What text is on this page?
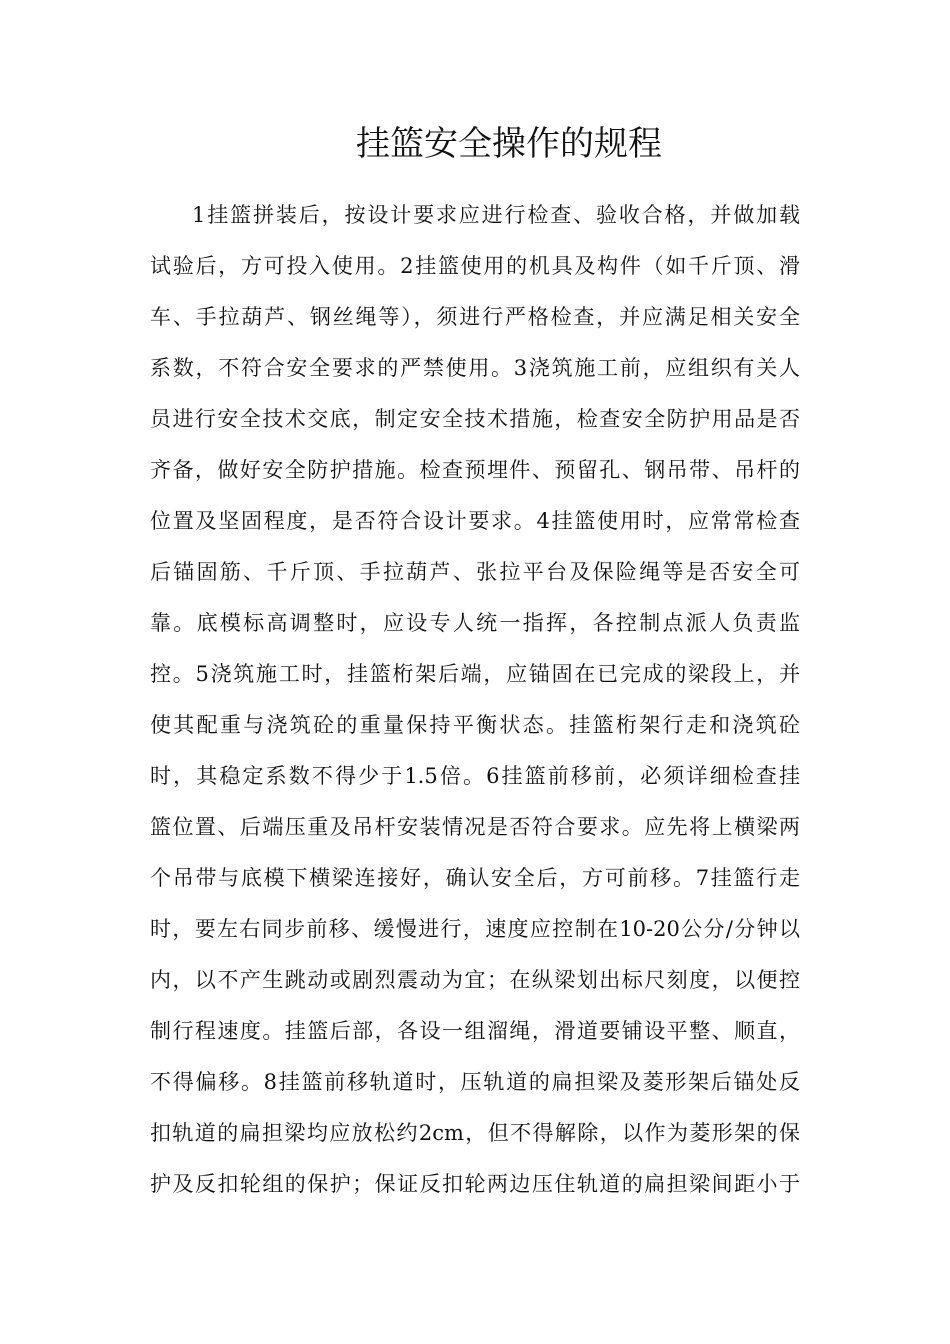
挂篮安全操作的规程
1挂篮拼装后，按设计要求应进行检查、验收合格，并做加载
试验后，方可投入使用。2挂篮使用的机具及构件（如千斤顶、滑
车、手拉葫芦、钢丝绳等），须进行严格检查，并应满足相关安全
系数，不符合安全要求的严禁使用。3浇筑施工前，应组织有关人
员进行安全技术交底，制定安全技术措施，检查安全防护用品是否
齐备，做好安全防护措施。检查预埋件、预留孔、钢吊带、吊杆的
位置及坚固程度，是否符合设计要求。4挂篮使用时，应常常检查
后锚固筋、千斤顶、手拉葫芦、张拉平台及保险绳等是否安全可
靠。底模标高调整时，应设专人统一指挥，各控制点派人负责监
控。5浇筑施工时，挂篮桁架后端，应锚固在已完成的梁段上，并
使其配重与浇筑砼的重量保持平衡状态。挂篮桁架行走和浇筑砼
时，其稳定系数不得少于1.5倍。6挂篮前移前，必须详细检查挂
篮位置、后端压重及吊杆安装情况是否符合要求。应先将上横梁两
个吊带与底模下横梁连接好，确认安全后，方可前移。7挂篮行走
时，要左右同步前移、缓慢进行，速度应控制在10-20公分/分钟以
内，以不产生跳动或剧烈震动为宜；在纵梁划出标尺刻度，以便控
制行程速度。挂篮后部，各设一组溜绳，滑道要铺设平整、顺直，
不得偏移。8挂篮前移轨道时，压轨道的扁担梁及菱形架后锚处反
扣轨道的扁担梁均应放松约2cm，但不得解除，以作为菱形架的保
护及反扣轮组的保护；保证反扣轮两边压住轨道的扁担梁间距小于
